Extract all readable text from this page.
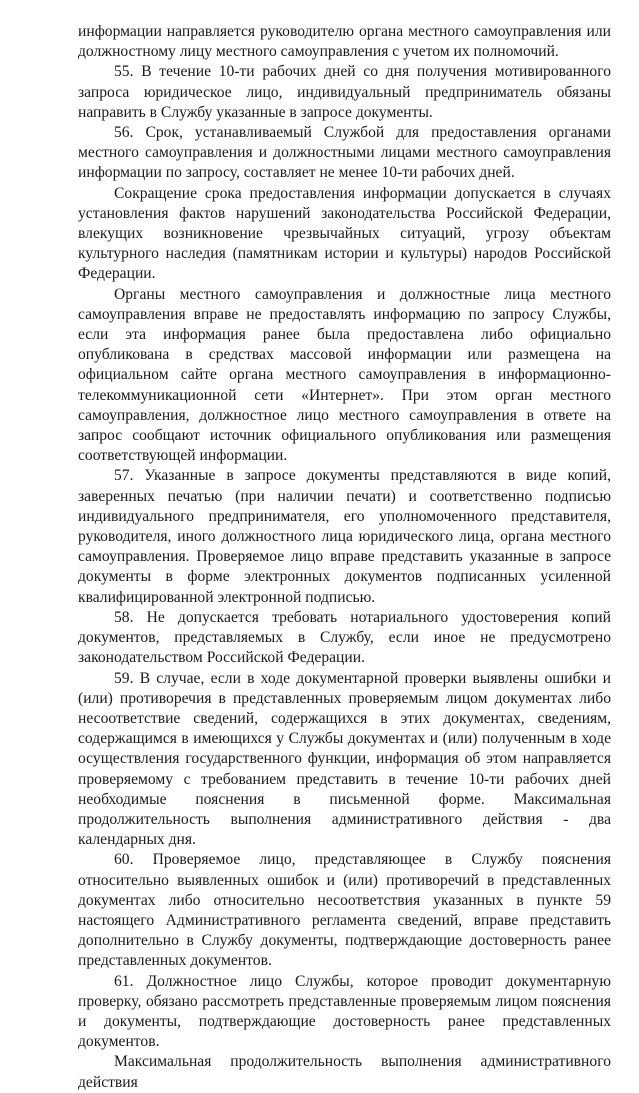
информации направляется руководителю органа местного самоуправления или должностному лицу местного самоуправления с учетом их полномочий.

55. В течение 10-ти рабочих дней со дня получения мотивированного запроса юридическое лицо, индивидуальный предприниматель обязаны направить в Службу указанные в запросе документы.

56. Срок, устанавливаемый Службой для предоставления органами местного самоуправления и должностными лицами местного самоуправления информации по запросу, составляет не менее 10-ти рабочих дней.

Сокращение срока предоставления информации допускается в случаях установления фактов нарушений законодательства Российской Федерации, влекущих возникновение чрезвычайных ситуаций, угрозу объектам культурного наследия (памятникам истории и культуры) народов Российской Федерации.

Органы местного самоуправления и должностные лица местного самоуправления вправе не предоставлять информацию по запросу Службы, если эта информация ранее была предоставлена либо официально опубликована в средствах массовой информации или размещена на официальном сайте органа местного самоуправления в информационно-телекоммуникационной сети «Интернет». При этом орган местного самоуправления, должностное лицо местного самоуправления в ответе на запрос сообщают источник официального опубликования или размещения соответствующей информации.

57. Указанные в запросе документы представляются в виде копий, заверенных печатью (при наличии печати) и соответственно подписью индивидуального предпринимателя, его уполномоченного представителя, руководителя, иного должностного лица юридического лица, органа местного самоуправления. Проверяемое лицо вправе представить указанные в запросе документы в форме электронных документов подписанных усиленной квалифицированной электронной подписью.

58. Не допускается требовать нотариального удостоверения копий документов, представляемых в Службу, если иное не предусмотрено законодательством Российской Федерации.

59. В случае, если в ходе документарной проверки выявлены ошибки и (или) противоречия в представленных проверяемым лицом документах либо несоответствие сведений, содержащихся в этих документах, сведениям, содержащимся в имеющихся у Службы документах и (или) полученным в ходе осуществления государственного функции, информация об этом направляется проверяемому с требованием представить в течение 10-ти рабочих дней необходимые пояснения в письменной форме. Максимальная продолжительность выполнения административного действия - два календарных дня.

60. Проверяемое лицо, представляющее в Службу пояснения относительно выявленных ошибок и (или) противоречий в представленных документах либо относительно несоответствия указанных в пункте 59 настоящего Административного регламента сведений, вправе представить дополнительно в Службу документы, подтверждающие достоверность ранее представленных документов.

61. Должностное лицо Службы, которое проводит документарную проверку, обязано рассмотреть представленные проверяемым лицом пояснения и документы, подтверждающие достоверность ранее представленных документов.

Максимальная продолжительность выполнения административного действия
